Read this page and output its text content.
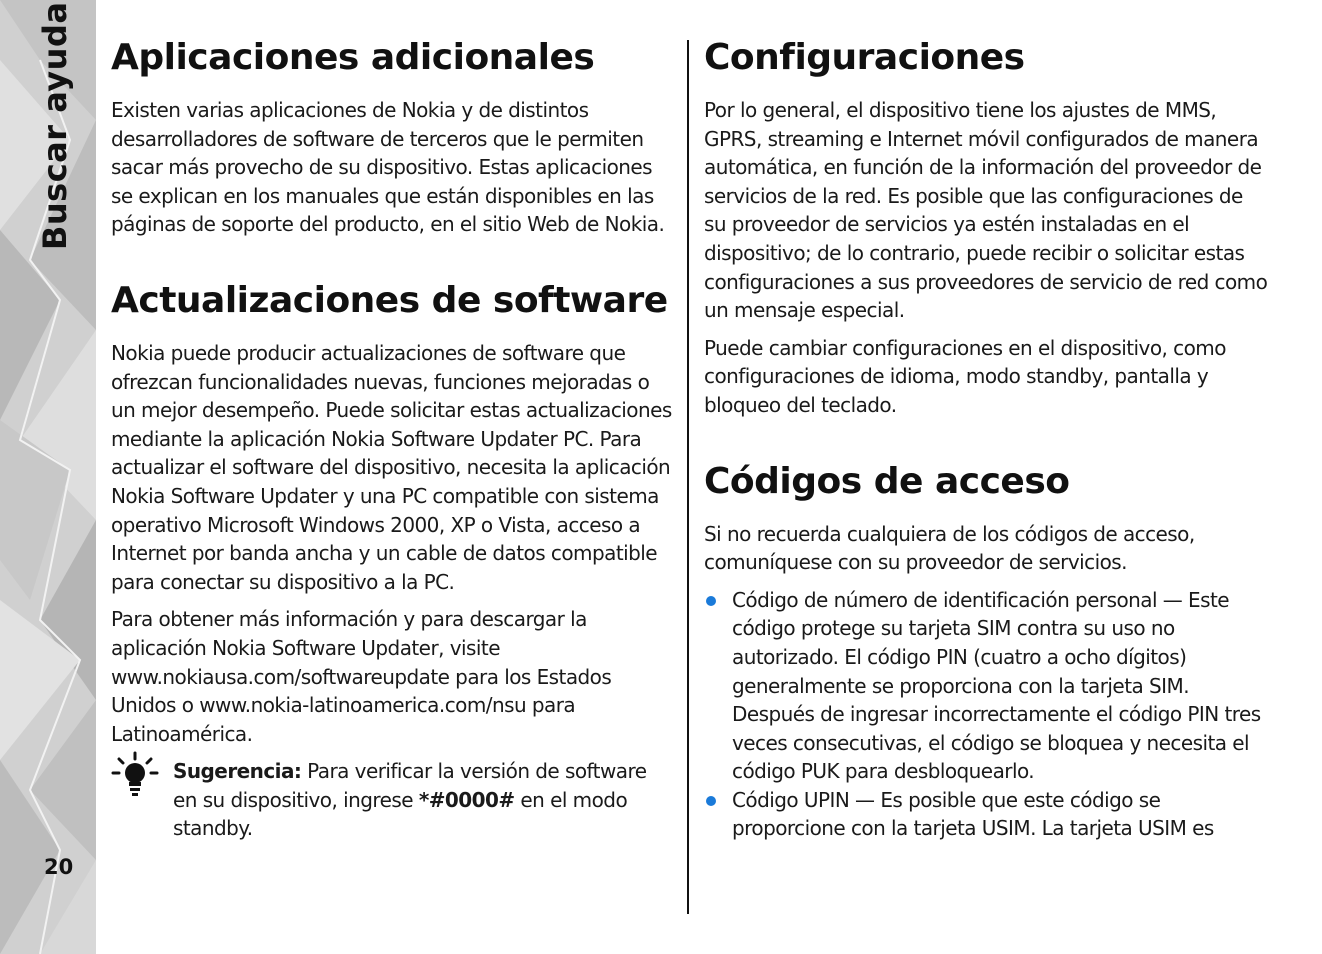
Buscar ayuda
20
Aplicaciones adicionales

Existen varias aplicaciones de Nokia y de distintos desarrolladores de software de terceros que le permiten sacar más provecho de su dispositivo. Estas aplicaciones se explican en los manuales que están disponibles en las páginas de soporte del producto, en el sitio Web de Nokia.

Actualizaciones de software

Nokia puede producir actualizaciones de software que ofrezcan funcionalidades nuevas, funciones mejoradas o un mejor desempeño. Puede solicitar estas actualizaciones mediante la aplicación Nokia Software Updater PC. Para actualizar el software del dispositivo, necesita la aplicación Nokia Software Updater y una PC compatible con sistema operativo Microsoft Windows 2000, XP o Vista, acceso a Internet por banda ancha y un cable de datos compatible para conectar su dispositivo a la PC.

Para obtener más información y para descargar la aplicación Nokia Software Updater, visite www.nokiausa.com/softwareupdate para los Estados Unidos o www.nokia-latinoamerica.com/nsu para Latinoamérica.

Sugerencia: Para verificar la versión de software en su dispositivo, ingrese *#0000# en el modo standby.

Configuraciones

Por lo general, el dispositivo tiene los ajustes de MMS, GPRS, streaming e Internet móvil configurados de manera automática, en función de la información del proveedor de servicios de la red. Es posible que las configuraciones de su proveedor de servicios ya estén instaladas en el dispositivo; de lo contrario, puede recibir o solicitar estas configuraciones a sus proveedores de servicio de red como un mensaje especial.

Puede cambiar configuraciones en el dispositivo, como configuraciones de idioma, modo standby, pantalla y bloqueo del teclado.

Códigos de acceso

Si no recuerda cualquiera de los códigos de acceso, comuníquese con su proveedor de servicios.

Código de número de identificación personal — Este código protege su tarjeta SIM contra su uso no autorizado. El código PIN (cuatro a ocho dígitos) generalmente se proporciona con la tarjeta SIM. Después de ingresar incorrectamente el código PIN tres veces consecutivas, el código se bloquea y necesita el código PUK para desbloquearlo.
Código UPIN — Es posible que este código se proporcione con la tarjeta USIM. La tarjeta USIM es
